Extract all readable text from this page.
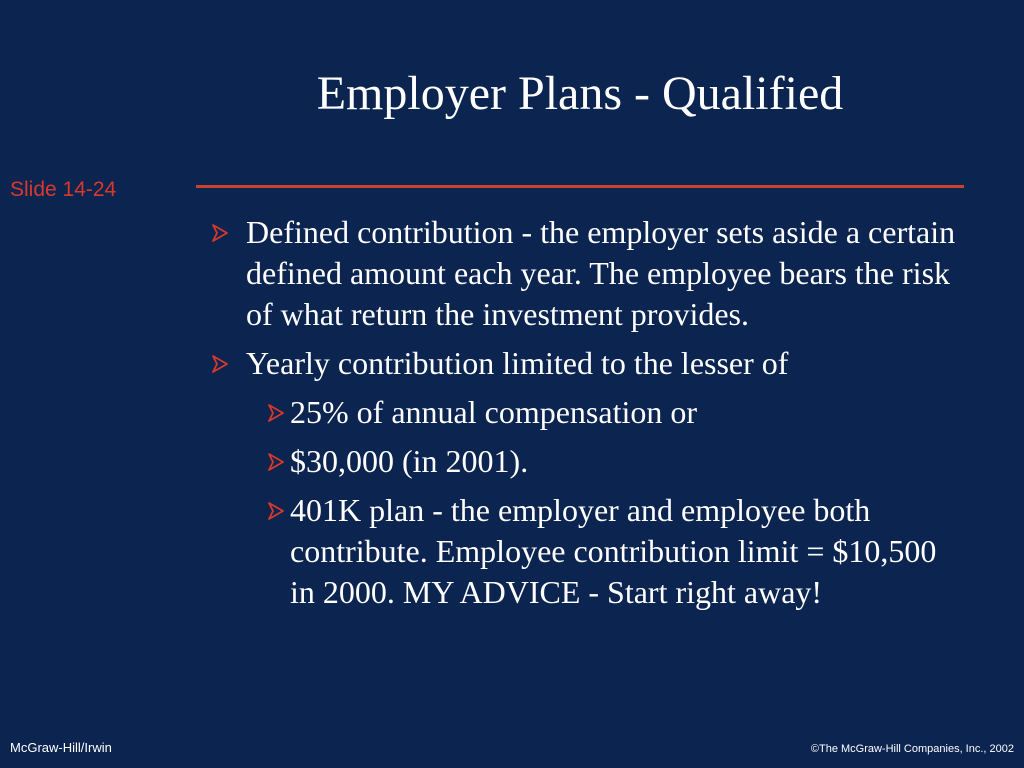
Employer Plans - Qualified
Slide 14-24
Defined contribution - the employer sets aside a certain defined amount each year. The employee bears the risk of what return the investment provides.
Yearly contribution limited to the lesser of
25% of annual compensation or
$30,000 (in 2001).
401K plan - the employer and employee both contribute. Employee contribution limit = $10,500 in 2000. MY ADVICE - Start right away!
McGraw-Hill/Irwin	©The McGraw-Hill Companies, Inc., 2002
